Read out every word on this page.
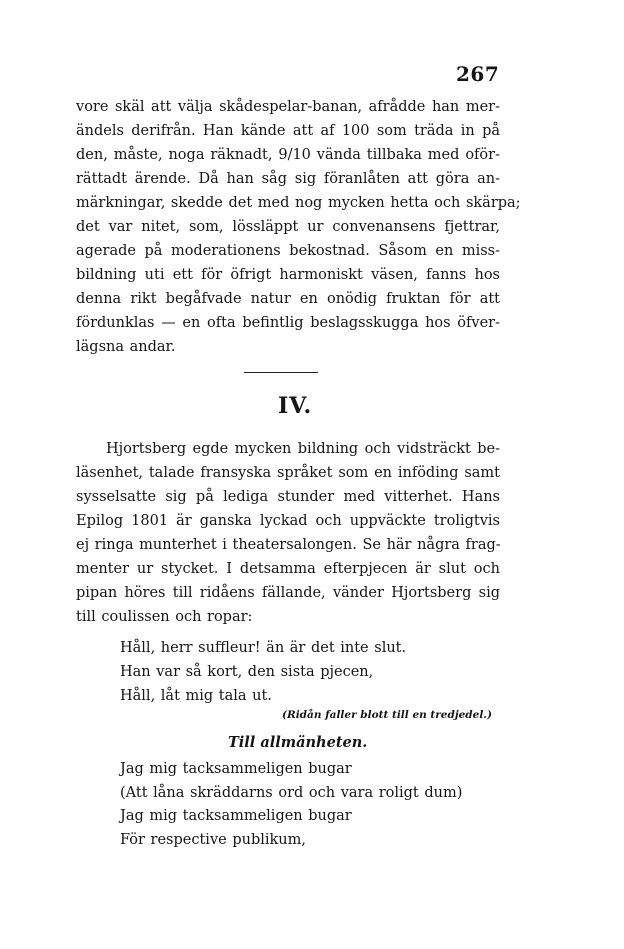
267
vore skäl att välja skådespelar-banan, afrådde han mer-
ändels derifrån. Han kände att af 100 som träda in på
den, måste, noga räknadt, 9/10 vända tillbaka med oför-
rättadt ärende. Då han såg sig föranlåten att göra an-
märkningar, skedde det med nog mycken hetta och skärpa;
det var nitet, som, lössläppt ur convenansens fjettrar,
agerade på moderationens bekostnad. Såsom en miss-
bildning uti ett för öfrigt harmoniskt väsen, fanns hos
denna rikt begåfvade natur en onödig fruktan för att
fördunklas — en ofta befintlig beslagsskugga hos öfver-
lägsna andar.
IV.
Hjortsberg egde mycken bildning och vidsträckt be-
läsenhet, talade fransyska språket som en inföding samt
sysselsatte sig på lediga stunder med vitterhet. Hans
Epilog 1801 är ganska lyckad och uppväckte troligtvis
ej ringa munterhet i theatersalongen. Se här några frag-
menter ur stycket. I detsamma efterpjecen är slut och
pipan höres till ridåens fällande, vänder Hjortsberg sig
till coulissen och ropar:
Håll, herr suffleur! än är det inte slut.
Han var så kort, den sista pjecen,
Håll, låt mig tala ut.
(Ridån faller blott till en tredjedel.)
Till allmänheten.
Jag mig tacksammeligen bugar
(Att låna skräddarns ord och vara roligt dum)
Jag mig tacksammeligen bugar
För respective publikum,
